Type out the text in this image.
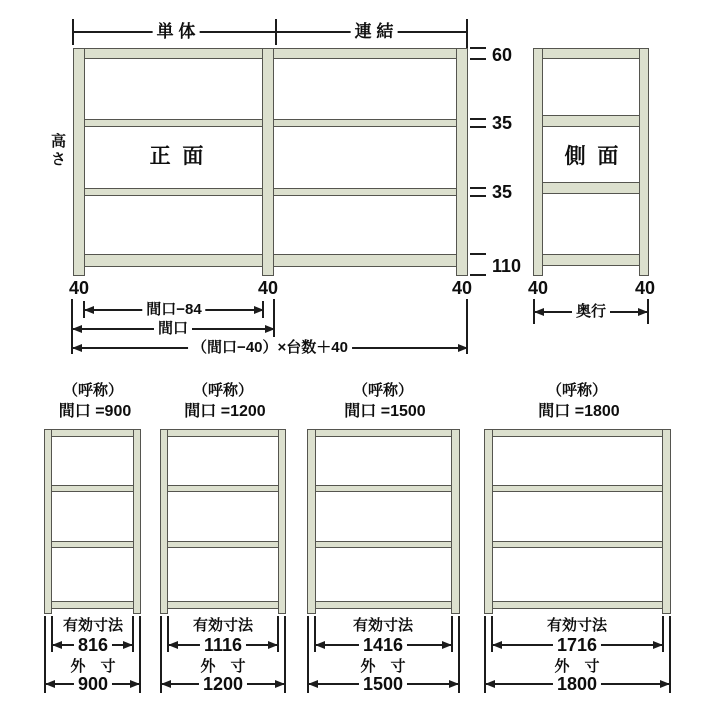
単 体	連 結
高さ	正 面
60
35
35
110
40	40	40
間口−84
間口
（間口−40）×台数＋40
側 面
40	40
奥行
（呼称）
間口 =900
有効寸法
816
外　寸
900
（呼称）
間口 =1200
有効寸法
1116
外　寸
1200
（呼称）
間口 =1500
有効寸法
1416
外　寸
1500
（呼称）
間口 =1800
有効寸法
1716
外　寸
1800
